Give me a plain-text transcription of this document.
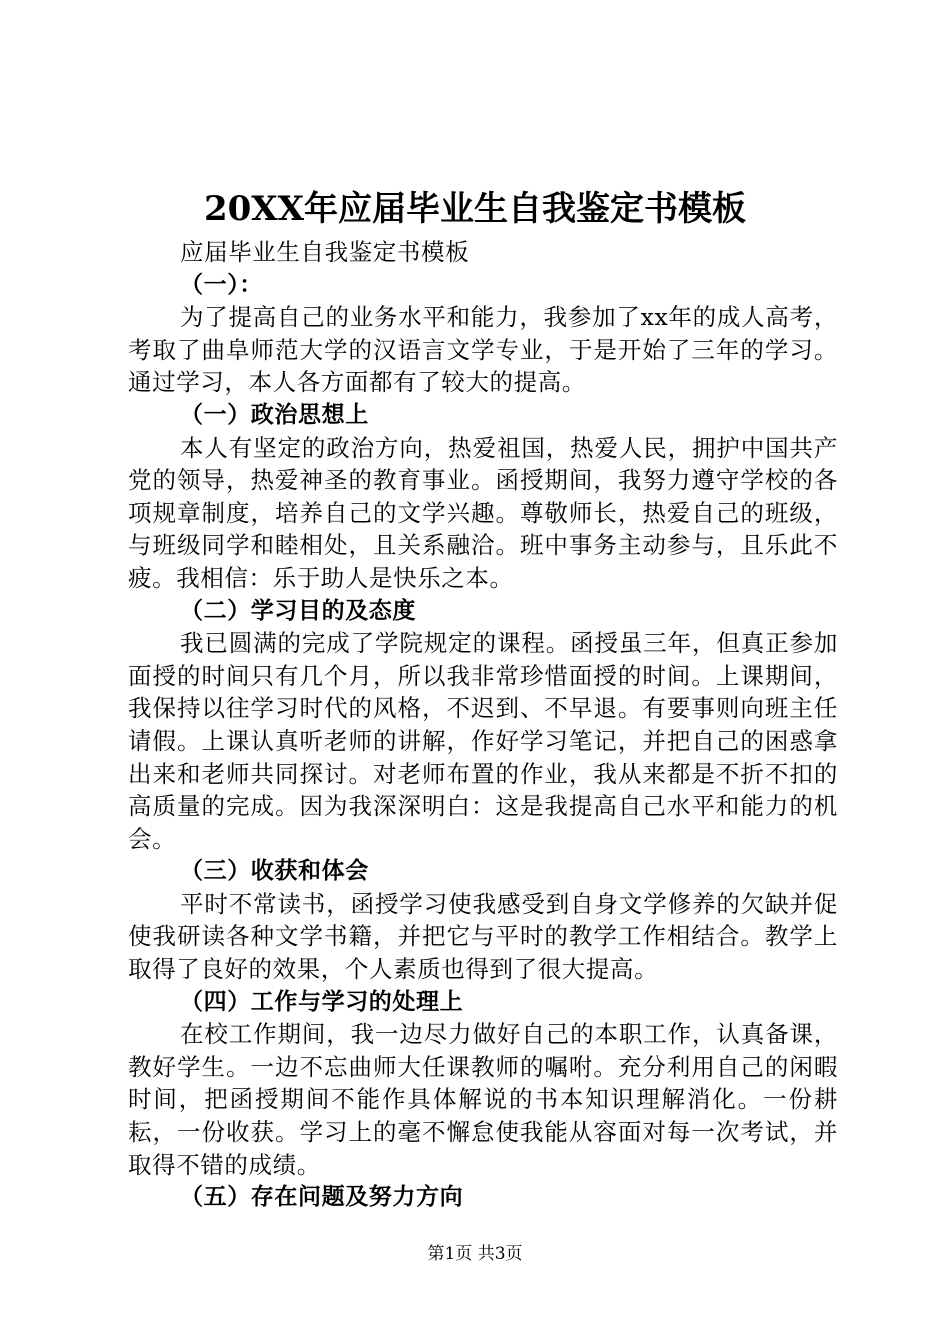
20XX年应届毕业生自我鉴定书模板

应届毕业生自我鉴定书模板

（一）：

为了提高自己的业务水平和能力，我参加了xx年的成人高考，考取了曲阜师范大学的汉语言文学专业，于是开始了三年的学习。通过学习，本人各方面都有了较大的提高。

（一）政治思想上

本人有坚定的政治方向，热爱祖国，热爱人民，拥护中国共产党的领导，热爱神圣的教育事业。函授期间，我努力遵守学校的各项规章制度，培养自己的文学兴趣。尊敬师长，热爱自己的班级，与班级同学和睦相处，且关系融洽。班中事务主动参与，且乐此不疲。我相信：乐于助人是快乐之本。

（二）学习目的及态度

我已圆满的完成了学院规定的课程。函授虽三年，但真正参加面授的时间只有几个月，所以我非常珍惜面授的时间。上课期间，我保持以往学习时代的风格，不迟到、不早退。有要事则向班主任请假。上课认真听老师的讲解，作好学习笔记，并把自己的困惑拿出来和老师共同探讨。对老师布置的作业，我从来都是不折不扣的高质量的完成。因为我深深明白：这是我提高自己水平和能力的机会。

（三）收获和体会

平时不常读书，函授学习使我感受到自身文学修养的欠缺并促使我研读各种文学书籍，并把它与平时的教学工作相结合。教学上取得了良好的效果，个人素质也得到了很大提高。

（四）工作与学习的处理上

在校工作期间，我一边尽力做好自己的本职工作，认真备课，教好学生。一边不忘曲师大任课教师的嘱咐。充分利用自己的闲暇时间，把函授期间不能作具体解说的书本知识理解消化。一份耕耘，一份收获。学习上的毫不懈怠使我能从容面对每一次考试，并取得不错的成绩。

（五）存在问题及努力方向

第1页 共3页
